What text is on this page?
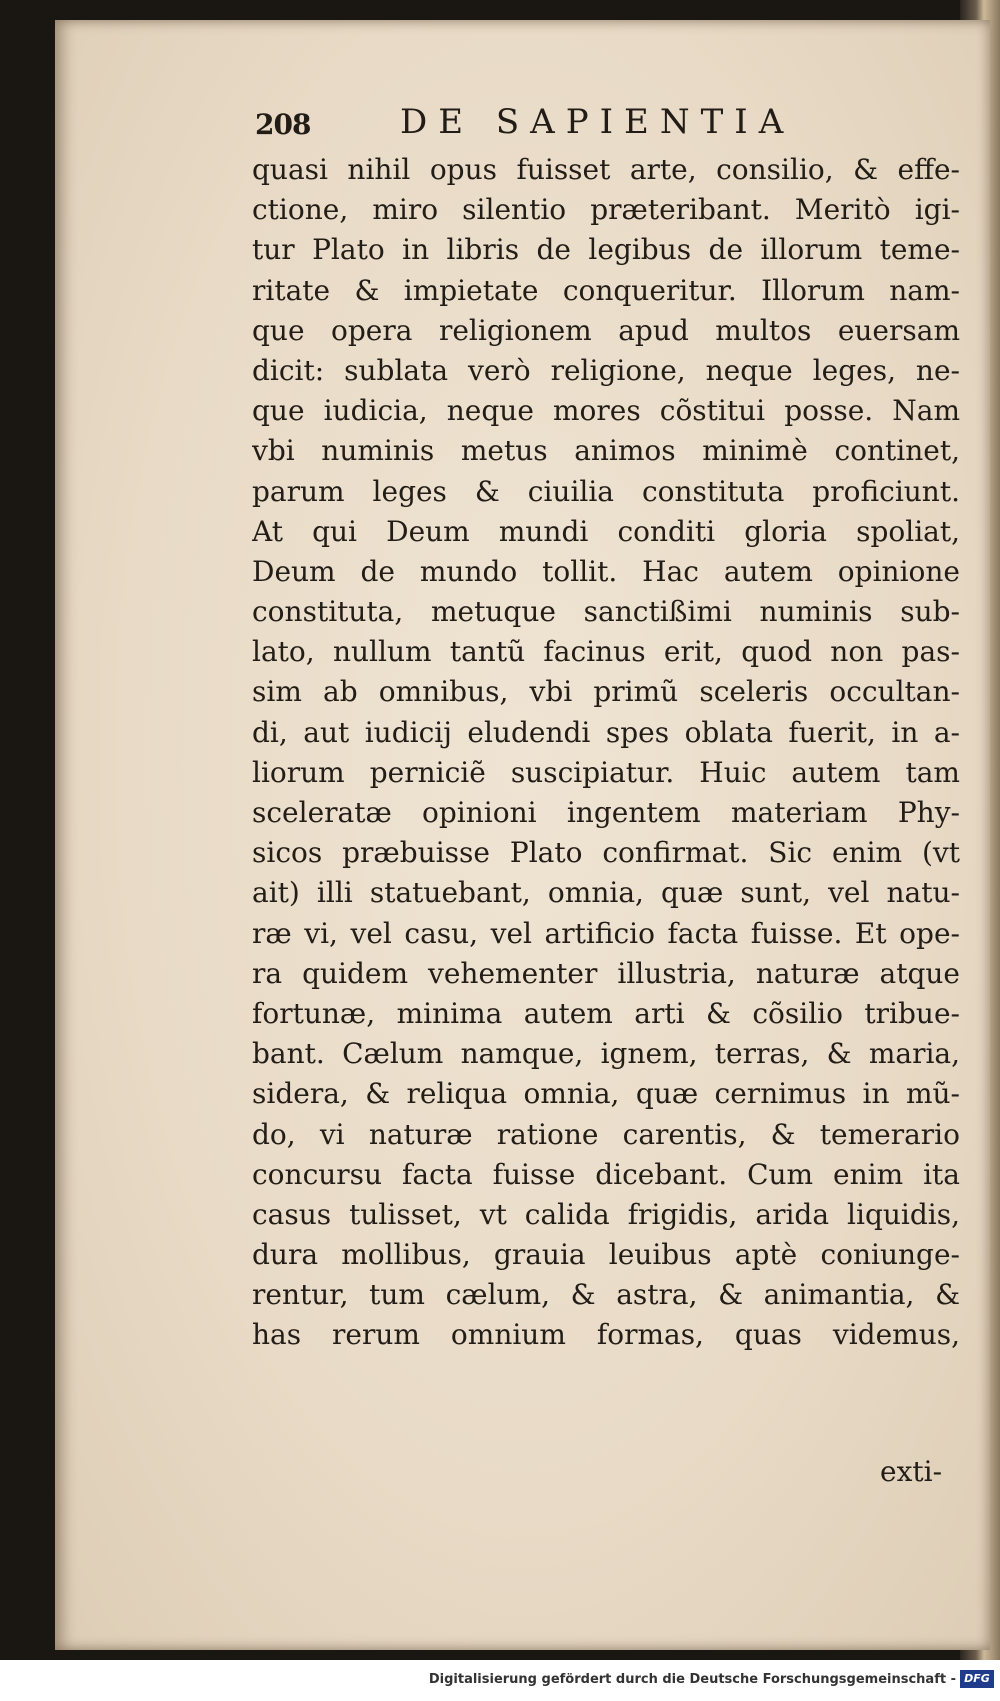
208	DE SAPIENTIA
quasi nihil opus fuisset arte, consilio, & effe-
ctione, miro silentio præteribant. Meritò igi-
tur Plato in libris de legibus de illorum teme-
ritate & impietate conqueritur. Illorum nam-
que opera religionem apud multos euersam
dicit: sublata verò religione, neque leges, ne-
que iudicia, neque mores cõstitui posse. Nam
vbi numinis metus animos minimè continet,
parum leges & ciuilia constituta proficiunt.
At qui Deum mundi conditi gloria spoliat,
Deum de mundo tollit. Hac autem opinione
constituta, metuque sanctißimi numinis sub-
lato, nullum tantũ facinus erit, quod non pas-
sim ab omnibus, vbi primũ sceleris occultan-
di, aut iudicij eludendi spes oblata fuerit, in a-
liorum perniciẽ suscipiatur. Huic autem tam
sceleratæ opinioni ingentem materiam Phy-
sicos præbuisse Plato confirmat. Sic enim (vt
ait) illi statuebant, omnia, quæ sunt, vel natu-
ræ vi, vel casu, vel artificio facta fuisse. Et ope-
ra quidem vehementer illustria, naturæ atque
fortunæ, minima autem arti & cõsilio tribue-
bant. Cælum namque, ignem, terras, & maria,
sidera, & reliqua omnia, quæ cernimus in mũ-
do, vi naturæ ratione carentis, & temerario
concursu facta fuisse dicebant. Cum enim ita
casus tulisset, vt calida frigidis, arida liquidis,
dura mollibus, grauia leuibus aptè coniunge-
rentur, tum cælum, & astra, & animantia, &
has rerum omnium formas, quas videmus,
exti-
Digitalisierung gefördert durch die Deutsche Forschungsgemeinschaft - DFG
